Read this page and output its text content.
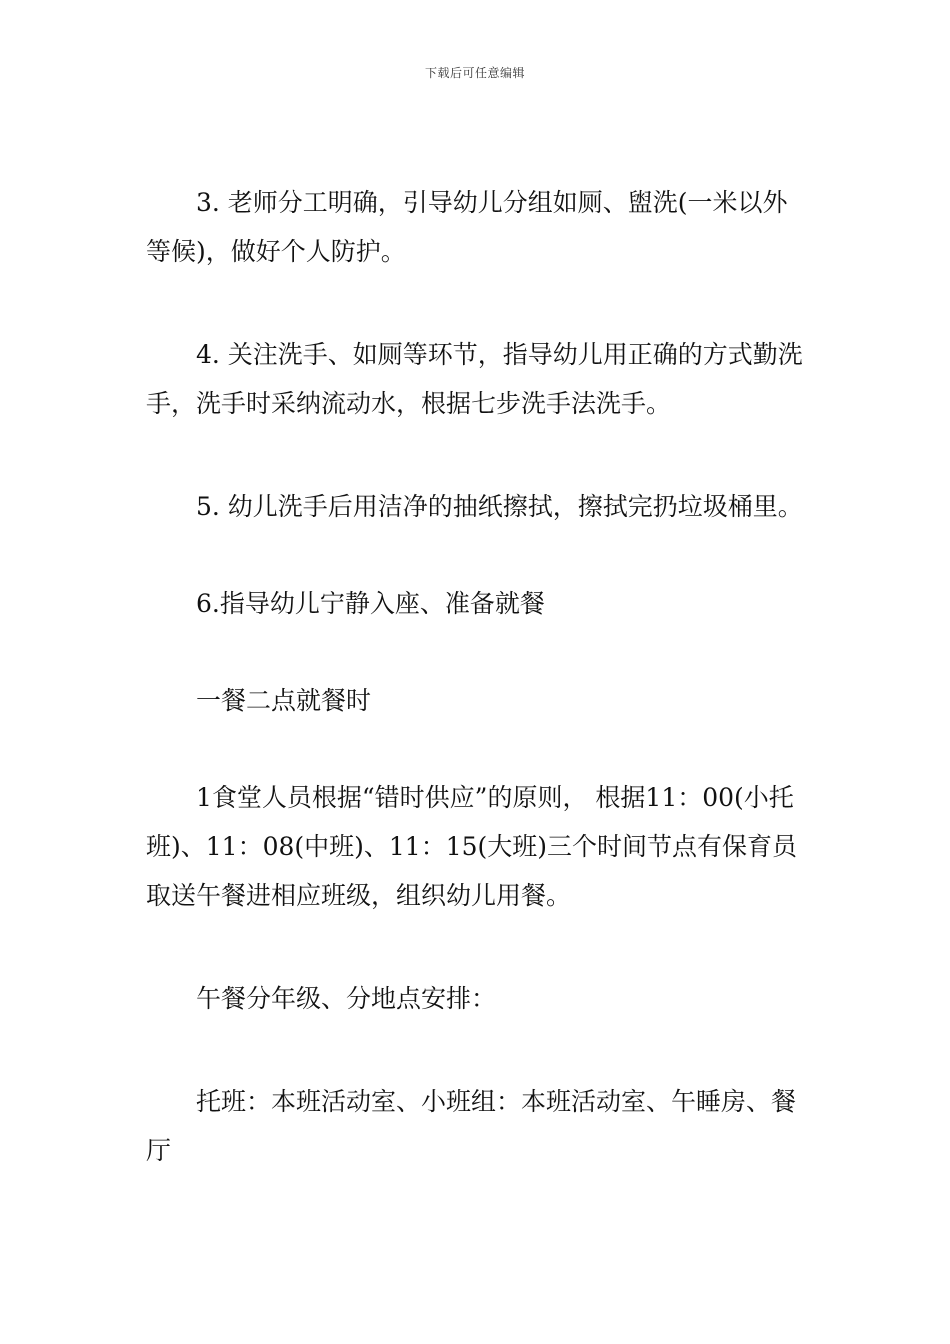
下载后可任意编辑

3. 老师分工明确，引导幼儿分组如厕、盥洗(一米以外等候)，做好个人防护。

4. 关注洗手、如厕等环节，指导幼儿用正确的方式勤洗手，洗手时采纳流动水，根据七步洗手法洗手。

5. 幼儿洗手后用洁净的抽纸擦拭，擦拭完扔垃圾桶里。

6.指导幼儿宁静入座、准备就餐

一餐二点就餐时

1食堂人员根据“错时供应”的原则， 根据11：00(小托班)、11：08(中班)、11：15(大班)三个时间节点有保育员取送午餐进相应班级，组织幼儿用餐。

午餐分年级、分地点安排：

托班：本班活动室、小班组：本班活动室、午睡房、餐厅
